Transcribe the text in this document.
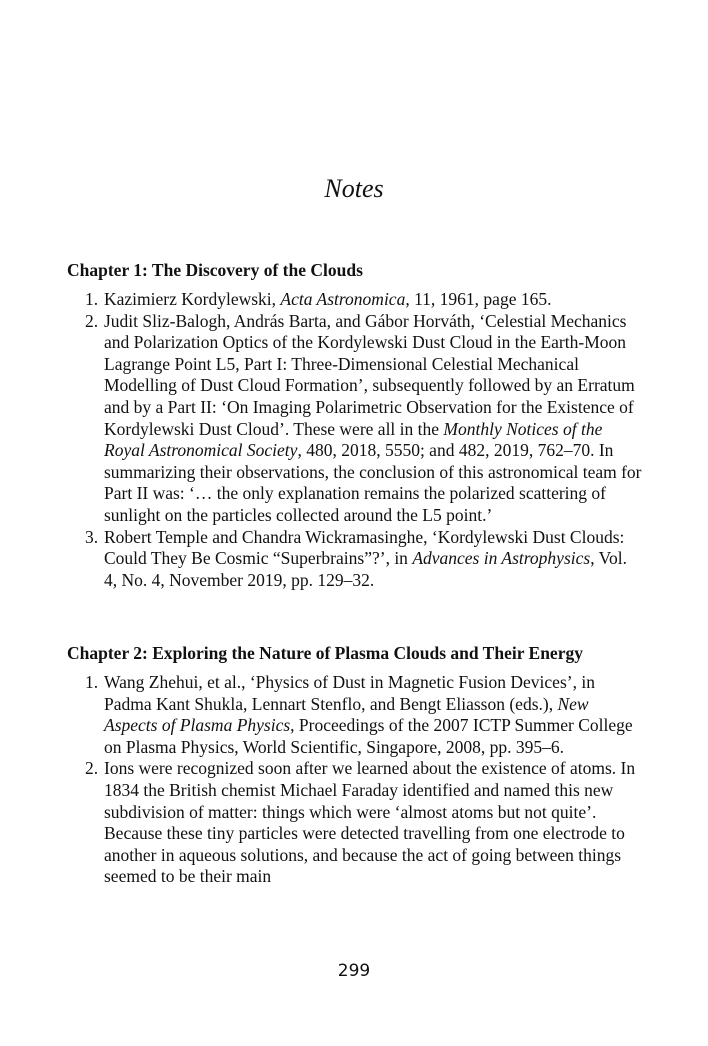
Notes
Chapter 1: The Discovery of the Clouds
1. Kazimierz Kordylewski, Acta Astronomica, 11, 1961, page 165.
2. Judit Sliz-Balogh, András Barta, and Gábor Horváth, ‘Celestial Mechanics and Polarization Optics of the Kordylewski Dust Cloud in the Earth-Moon Lagrange Point L5, Part I: Three-Dimensional Celestial Mechanical Modelling of Dust Cloud Formation’, subsequently followed by an Erratum and by a Part II: ‘On Imaging Polarimetric Observation for the Existence of Kordylewski Dust Cloud’. These were all in the Monthly Notices of the Royal Astronomical Society, 480, 2018, 5550; and 482, 2019, 762–70. In summarizing their observations, the conclusion of this astronomical team for Part II was: ‘… the only explanation remains the polarized scattering of sunlight on the particles collected around the L5 point.’
3. Robert Temple and Chandra Wickramasinghe, ‘Kordylewski Dust Clouds: Could They Be Cosmic “Superbrains”?’, in Advances in Astrophysics, Vol. 4, No. 4, November 2019, pp. 129–32.
Chapter 2: Exploring the Nature of Plasma Clouds and Their Energy
1. Wang Zhehui, et al., ‘Physics of Dust in Magnetic Fusion Devices’, in Padma Kant Shukla, Lennart Stenflo, and Bengt Eliasson (eds.), New Aspects of Plasma Physics, Proceedings of the 2007 ICTP Summer College on Plasma Physics, World Scientific, Singapore, 2008, pp. 395–6.
2. Ions were recognized soon after we learned about the existence of atoms. In 1834 the British chemist Michael Faraday identified and named this new subdivision of matter: things which were ‘almost atoms but not quite’. Because these tiny particles were detected travelling from one electrode to another in aqueous solutions, and because the act of going between things seemed to be their main
299
